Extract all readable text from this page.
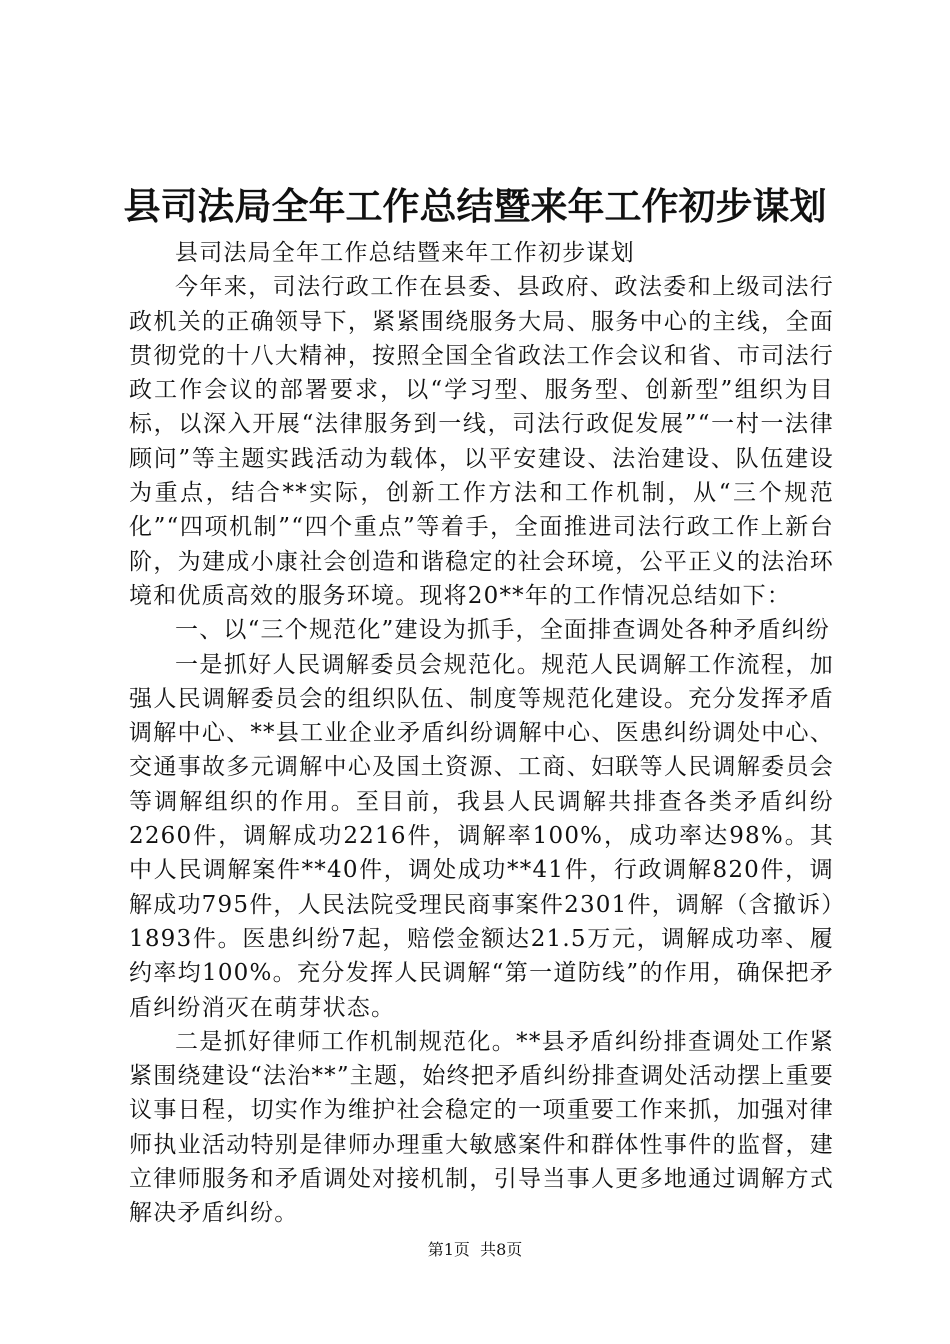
县司法局全年工作总结暨来年工作初步谋划

县司法局全年工作总结暨来年工作初步谋划

今年来，司法行政工作在县委、县政府、政法委和上级司法行政机关的正确领导下，紧紧围绕服务大局、服务中心的主线，全面贯彻党的十八大精神，按照全国全省政法工作会议和省、市司法行政工作会议的部署要求，以“学习型、服务型、创新型”组织为目标，以深入开展“法律服务到一线，司法行政促发展”“一村一法律顾问”等主题实践活动为载体，以平安建设、法治建设、队伍建设为重点，结合**实际，创新工作方法和工作机制，从“三个规范化”“四项机制”“四个重点”等着手，全面推进司法行政工作上新台阶，为建成小康社会创造和谐稳定的社会环境，公平正义的法治环境和优质高效的服务环境。现将20**年的工作情况总结如下：

一、以“三个规范化”建设为抓手，全面排查调处各种矛盾纠纷

一是抓好人民调解委员会规范化。规范人民调解工作流程，加强人民调解委员会的组织队伍、制度等规范化建设。充分发挥矛盾调解中心、**县工业企业矛盾纠纷调解中心、医患纠纷调处中心、交通事故多元调解中心及国土资源、工商、妇联等人民调解委员会等调解组织的作用。至目前，我县人民调解共排查各类矛盾纠纷2260件，调解成功2216件，调解率100%，成功率达98%。其中人民调解案件**40件，调处成功**41件，行政调解820件，调解成功795件，人民法院受理民商事案件2301件，调解（含撤诉）1893件。医患纠纷7起，赔偿金额达21.5万元，调解成功率、履约率均100%。充分发挥人民调解“第一道防线”的作用，确保把矛盾纠纷消灭在萌芽状态。

二是抓好律师工作机制规范化。**县矛盾纠纷排查调处工作紧紧围绕建设“法治**”主题，始终把矛盾纠纷排查调处活动摆上重要议事日程，切实作为维护社会稳定的一项重要工作来抓，加强对律师执业活动特别是律师办理重大敏感案件和群体性事件的监督，建立律师服务和矛盾调处对接机制，引导当事人更多地通过调解方式解决矛盾纠纷。

第1页 共8页
